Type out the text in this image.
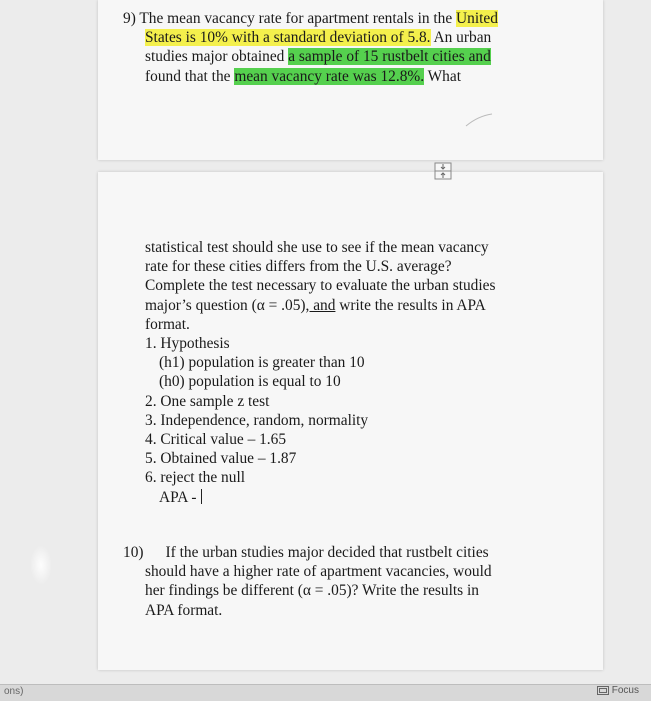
9) The mean vacancy rate for apartment rentals in the United
States is 10% with a standard deviation of 5.8. An urban
studies major obtained a sample of 15 rustbelt cities and
found that the mean vacancy rate was 12.8%. What
statistical test should she use to see if the mean vacancy
rate for these cities differs from the U.S. average?
Complete the test necessary to evaluate the urban studies
major’s question (α = .05), and write the results in APA
format.
1. Hypothesis
(h1) population is greater than 10
(h0) population is equal to 10
2. One sample z test
3. Independence, random, normality
4. Critical value – 1.65
5. Obtained value – 1.87
6. reject the null
APA -
10) If the urban studies major decided that rustbelt cities
should have a higher rate of apartment vacancies, would
her findings be different (α = .05)? Write the results in
APA format.
ons)	Focus
